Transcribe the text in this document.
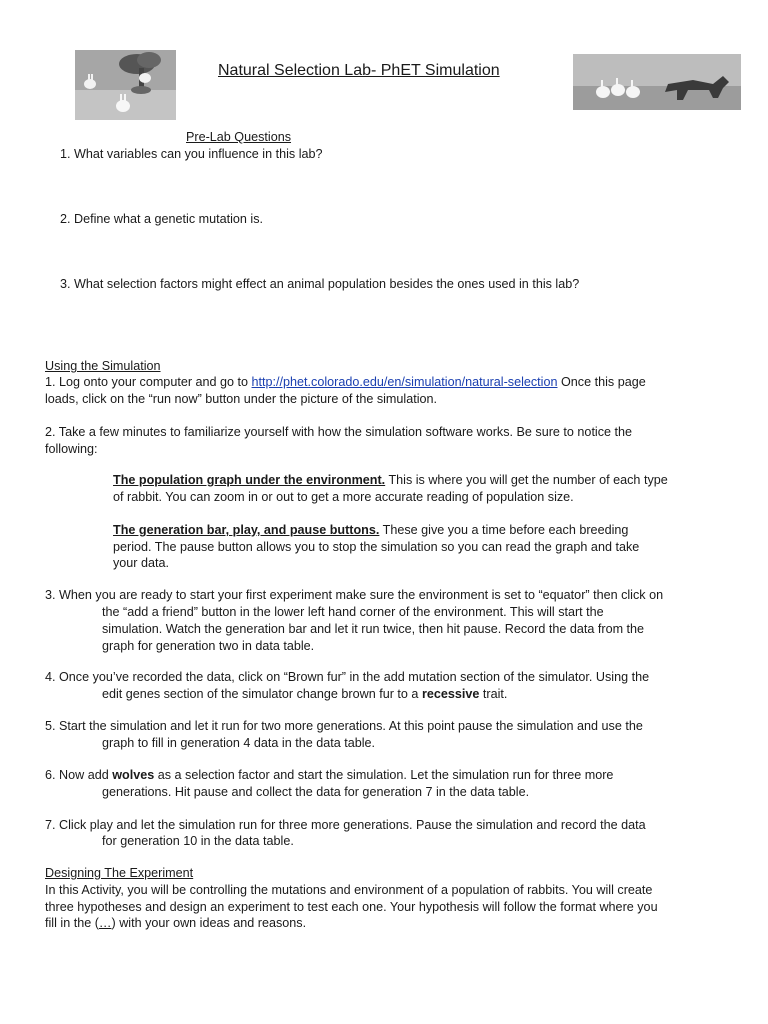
Natural Selection Lab- PhET Simulation
Pre-Lab Questions
1. What variables can you influence in this lab?
2. Define what a genetic mutation is.
3. What selection factors might effect an animal population besides the ones used in this lab?
Using the Simulation
1. Log onto your computer and go to http://phet.colorado.edu/en/simulation/natural-selection Once this page
loads, click on the “run now” button under the picture of the simulation.
2. Take a few minutes to familiarize yourself with how the simulation software works. Be sure to notice the
following:
The population graph under the environment. This is where you will get the number of each type
of rabbit. You can zoom in or out to get a more accurate reading of population size.
The generation bar, play, and pause buttons. These give you a time before each breeding
period. The pause button allows you to stop the simulation so you can read the graph and take
your data.
3. When you are ready to start your first experiment make sure the environment is set to “equator” then click on
the “add a friend” button in the lower left hand corner of the environment. This will start the
simulation. Watch the generation bar and let it run twice, then hit pause. Record the data from the
graph for generation two in data table.
4. Once you’ve recorded the data, click on “Brown fur” in the add mutation section of the simulator. Using the
edit genes section of the simulator change brown fur to a recessive trait.
5. Start the simulation and let it run for two more generations. At this point pause the simulation and use the
graph to fill in generation 4 data in the data table.
6. Now add wolves as a selection factor and start the simulation. Let the simulation run for three more
generations. Hit pause and collect the data for generation 7 in the data table.
7. Click play and let the simulation run for three more generations. Pause the simulation and record the data
for generation 10 in the data table.
Designing The Experiment
In this Activity, you will be controlling the mutations and environment of a population of rabbits. You will create
three hypotheses and design an experiment to test each one. Your hypothesis will follow the format where you
fill in the (…) with your own ideas and reasons.
